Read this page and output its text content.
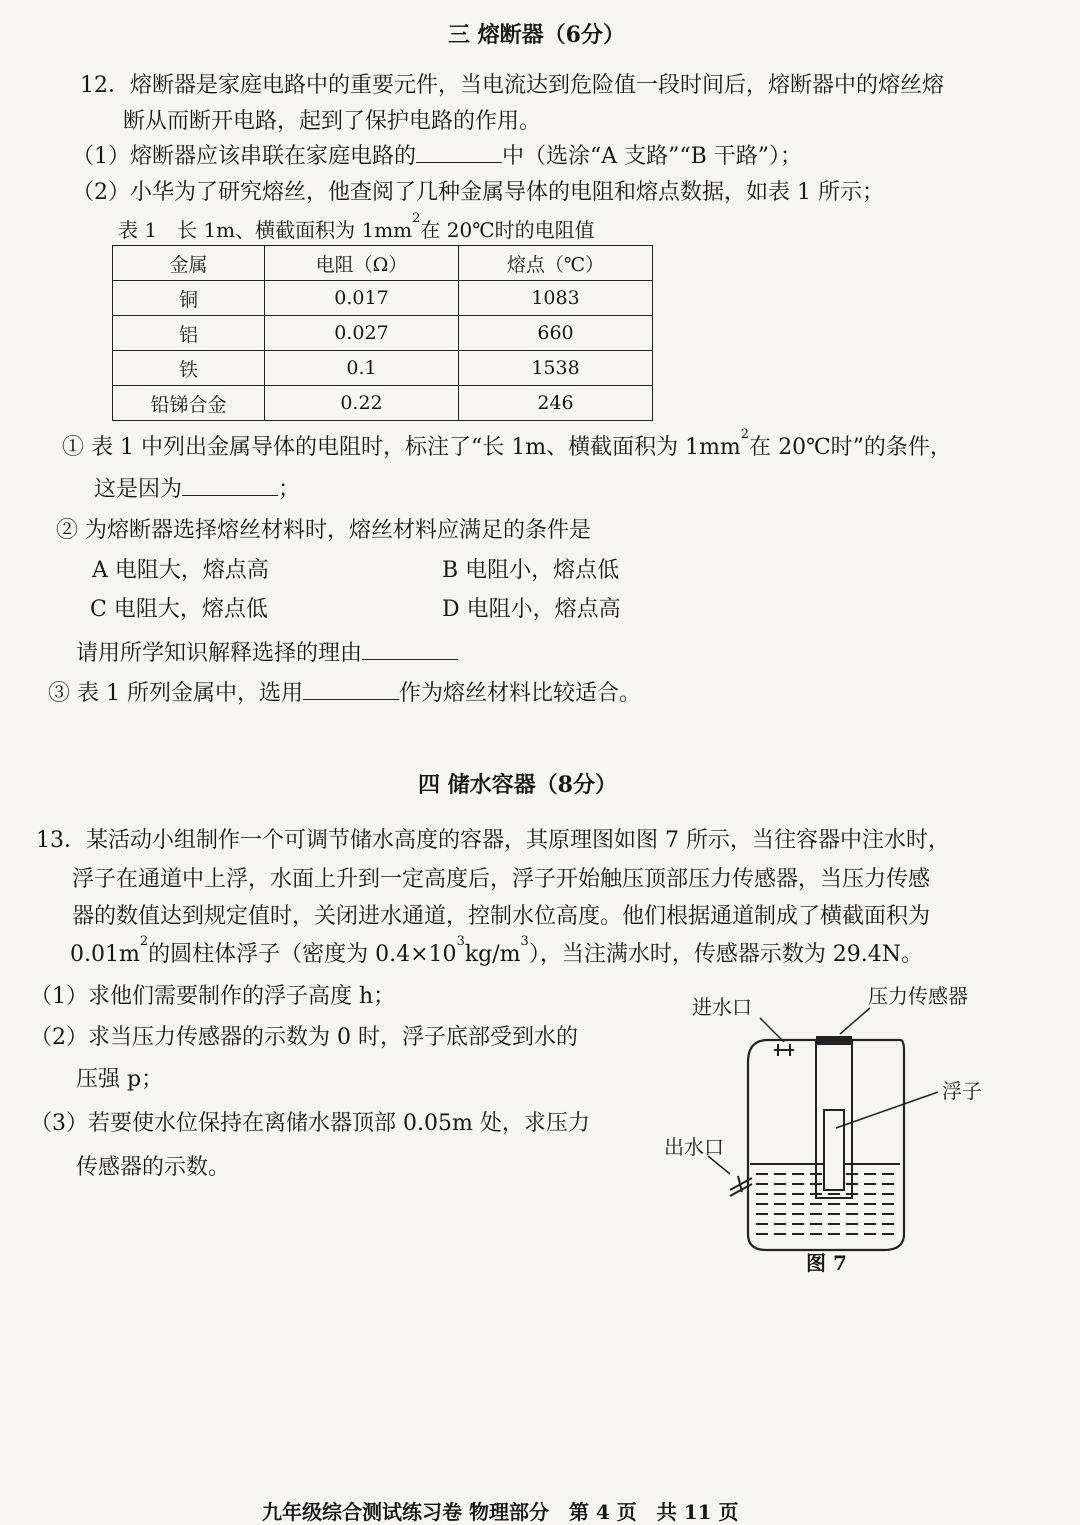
三 熔断器（6分）
12．熔断器是家庭电路中的重要元件，当电流达到危险值一段时间后，熔断器中的熔丝熔
断从而断开电路，起到了保护电路的作用。
（1）熔断器应该串联在家庭电路的	中（选涂“A 支路”“B 干路”）；
（2）小华为了研究熔丝，他查阅了几种金属导体的电阻和熔点数据，如表 1 所示；
表 1　长 1m、横截面积为 $1mm^2$在 20℃时的电阻值
金属	电阻（Ω）	熔点（℃）
铜	0.017	1083
铝	0.027	660
铁	0.1	1538
铅锑合金	0.22	246
① 表 1 中列出金属导体的电阻时，标注了“长 1m、横截面积为 $1mm^2$在 20℃时”的条件，
这是因为	；
② 为熔断器选择熔丝材料时，熔丝材料应满足的条件是
A 电阻大，熔点高	B 电阻小，熔点低
C 电阻大，熔点低	D 电阻小，熔点高
请用所学知识解释选择的理由
③ 表 1 所列金属中，选用	作为熔丝材料比较适合。
四 储水容器（8分）
13．某活动小组制作一个可调节储水高度的容器，其原理图如图 7 所示，当往容器中注水时，
浮子在通道中上浮，水面上升到一定高度后，浮子开始触压顶部压力传感器，当压力传感
器的数值达到规定值时，关闭进水通道，控制水位高度。他们根据通道制成了横截面积为
$0.01m^2$的圆柱体浮子（密度为 $0.4\times 10^3kg/m^3$），当注满水时，传感器示数为 29.4N。
（1）求他们需要制作的浮子高度 h；
（2）求当压力传感器的示数为 0 时，浮子底部受到水的
压强 p；
（3）若要使水位保持在离储水器顶部 0.05m 处，求压力
传感器的示数。
进水口	压力传感器
浮子
出水口
图 7
九年级综合测试练习卷 物理部分　第 4 页　共 11 页
